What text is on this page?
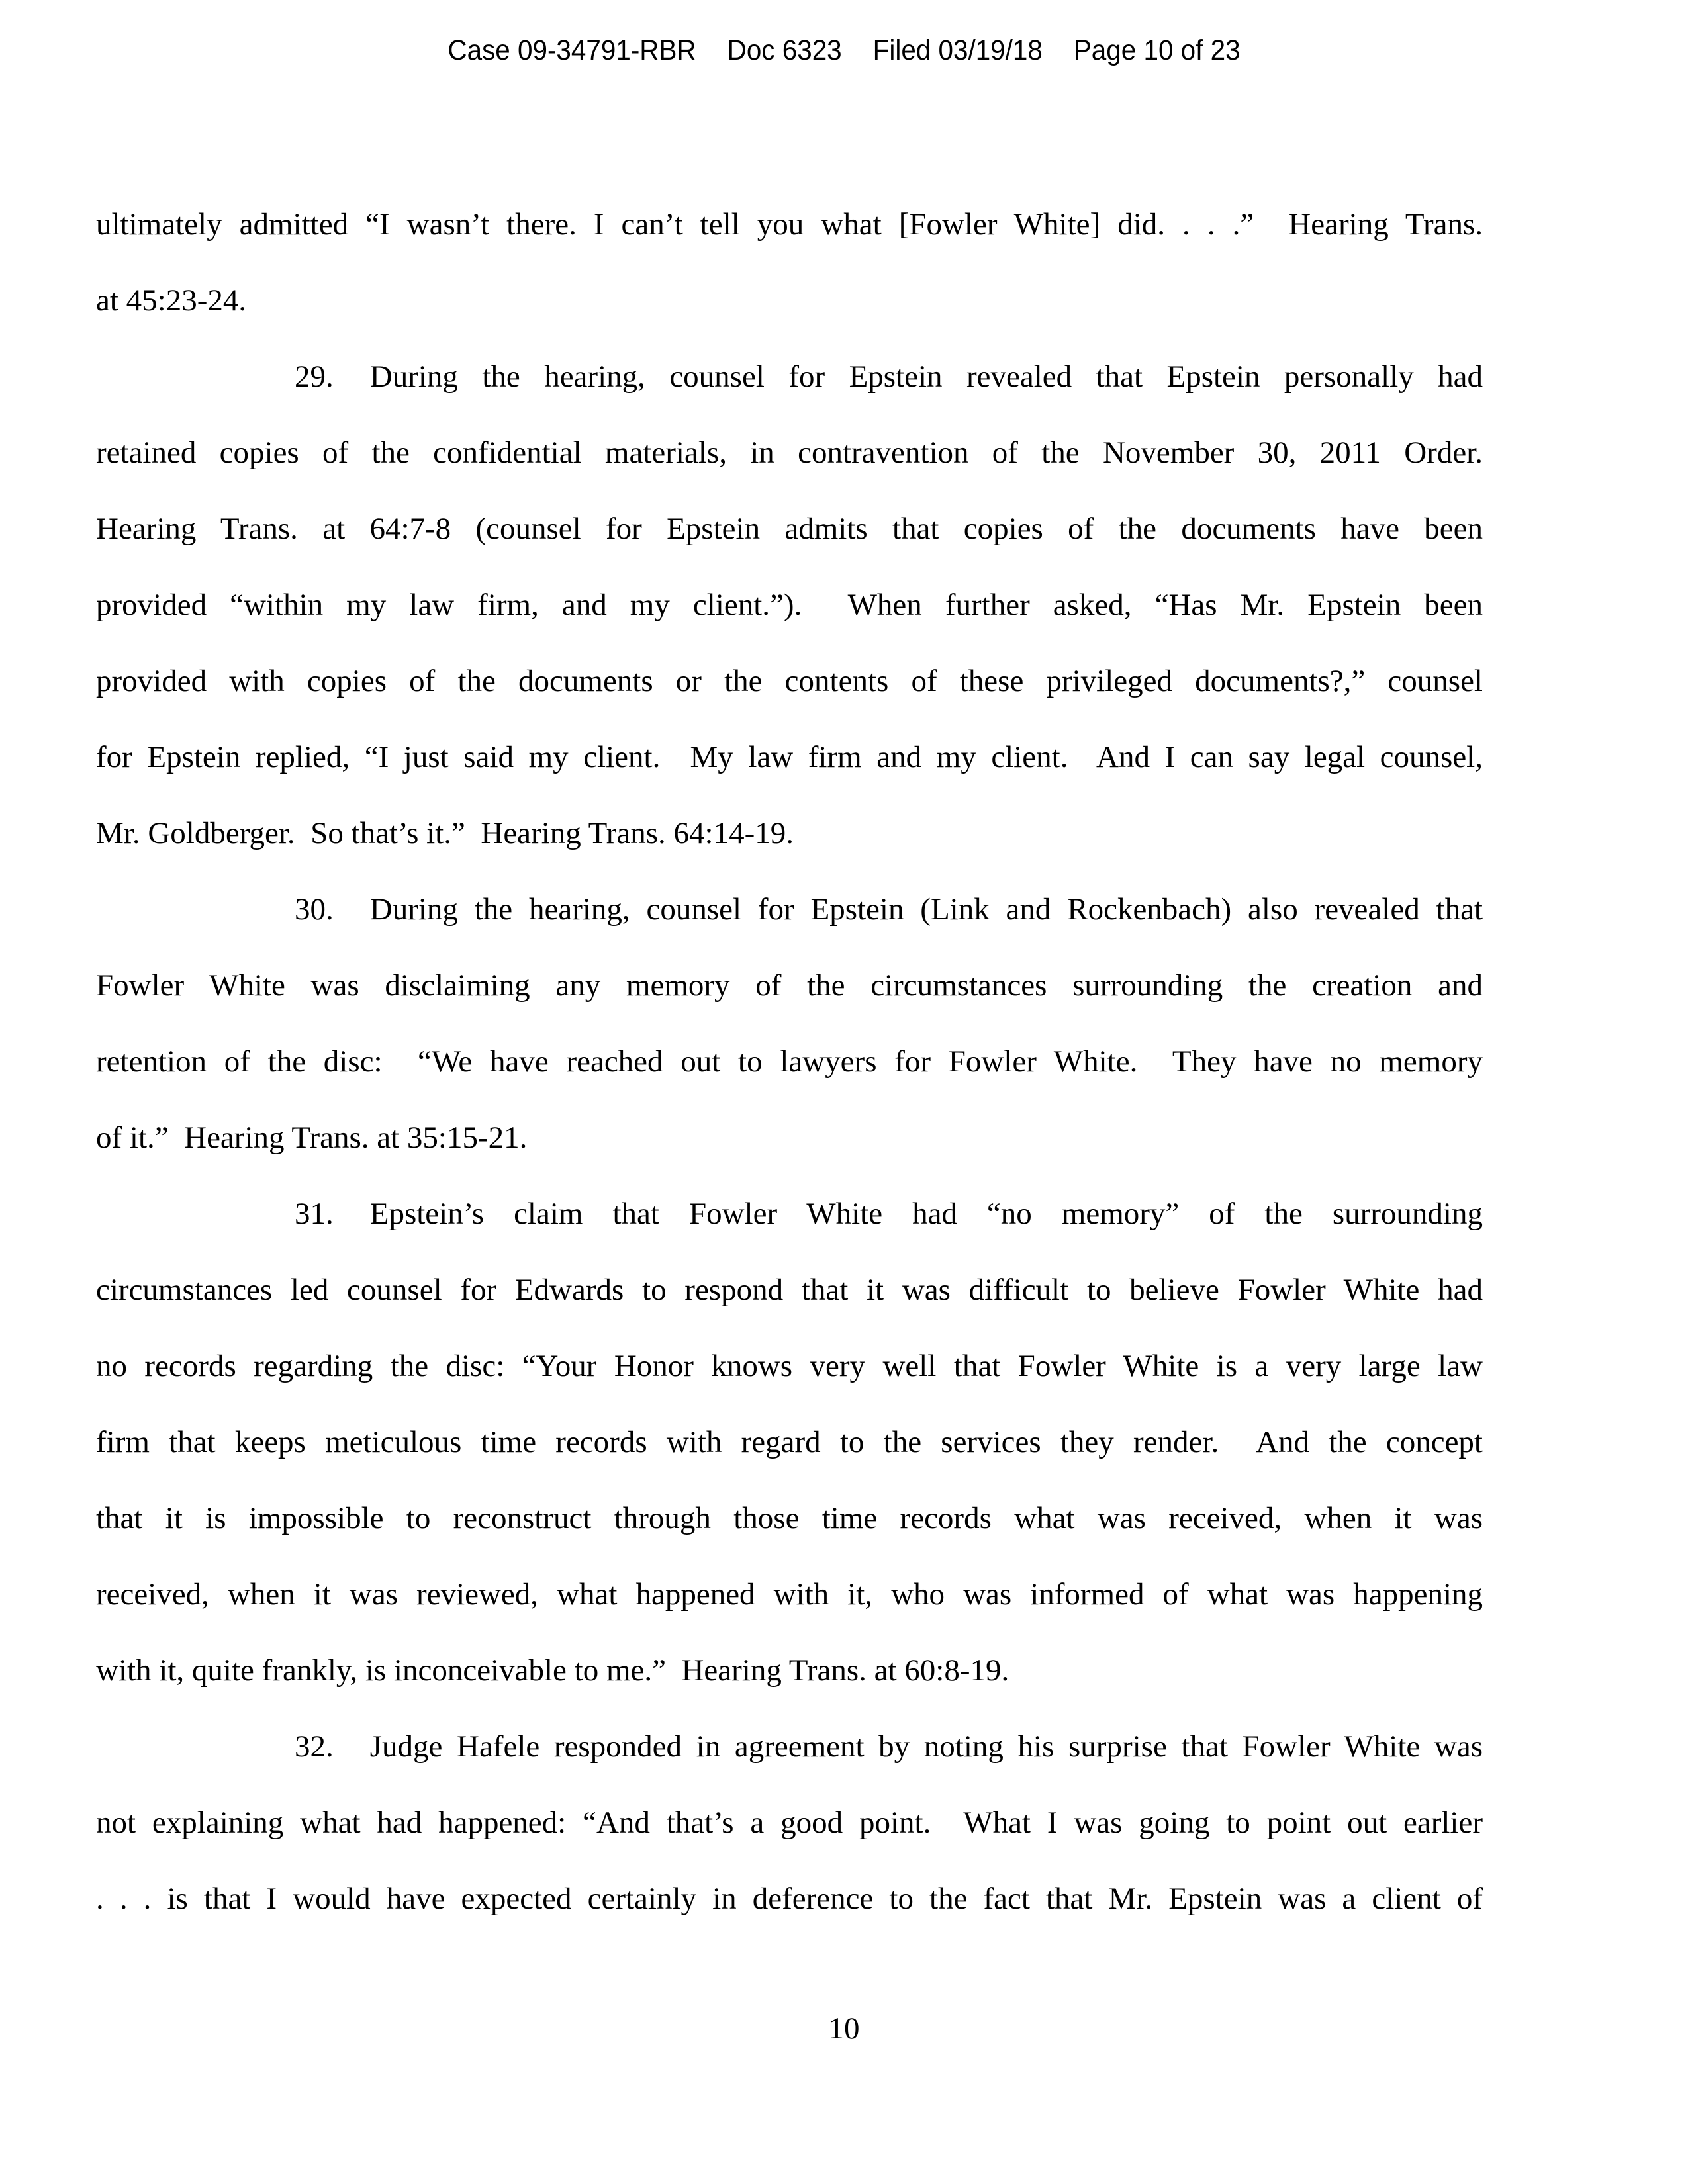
Case 09-34791-RBR Doc 6323 Filed 03/19/18 Page 10 of 23
ultimately admitted “I wasn’t there. I can’t tell you what [Fowler White] did. . . .”  Hearing Trans.
at 45:23-24.
29. During the hearing, counsel for Epstein revealed that Epstein personally had
retained copies of the confidential materials, in contravention of the November 30, 2011 Order.
Hearing Trans. at 64:7-8 (counsel for Epstein admits that copies of the documents have been
provided “within my law firm, and my client.”).  When further asked, “Has Mr. Epstein been
provided with copies of the documents or the contents of these privileged documents?,” counsel
for Epstein replied, “I just said my client.  My law firm and my client.  And I can say legal counsel,
Mr. Goldberger.  So that’s it.”  Hearing Trans. 64:14-19.
30. During the hearing, counsel for Epstein (Link and Rockenbach) also revealed that
Fowler White was disclaiming any memory of the circumstances surrounding the creation and
retention of the disc:  “We have reached out to lawyers for Fowler White.  They have no memory
of it.”  Hearing Trans. at 35:15-21.
31. Epstein’s claim that Fowler White had “no memory” of the surrounding
circumstances led counsel for Edwards to respond that it was difficult to believe Fowler White had
no records regarding the disc: “Your Honor knows very well that Fowler White is a very large law
firm that keeps meticulous time records with regard to the services they render.  And the concept
that it is impossible to reconstruct through those time records what was received, when it was
received, when it was reviewed, what happened with it, who was informed of what was happening
with it, quite frankly, is inconceivable to me.”  Hearing Trans. at 60:8-19.
32. Judge Hafele responded in agreement by noting his surprise that Fowler White was
not explaining what had happened: “And that’s a good point.  What I was going to point out earlier
. . . is that I would have expected certainly in deference to the fact that Mr. Epstein was a client of
10
